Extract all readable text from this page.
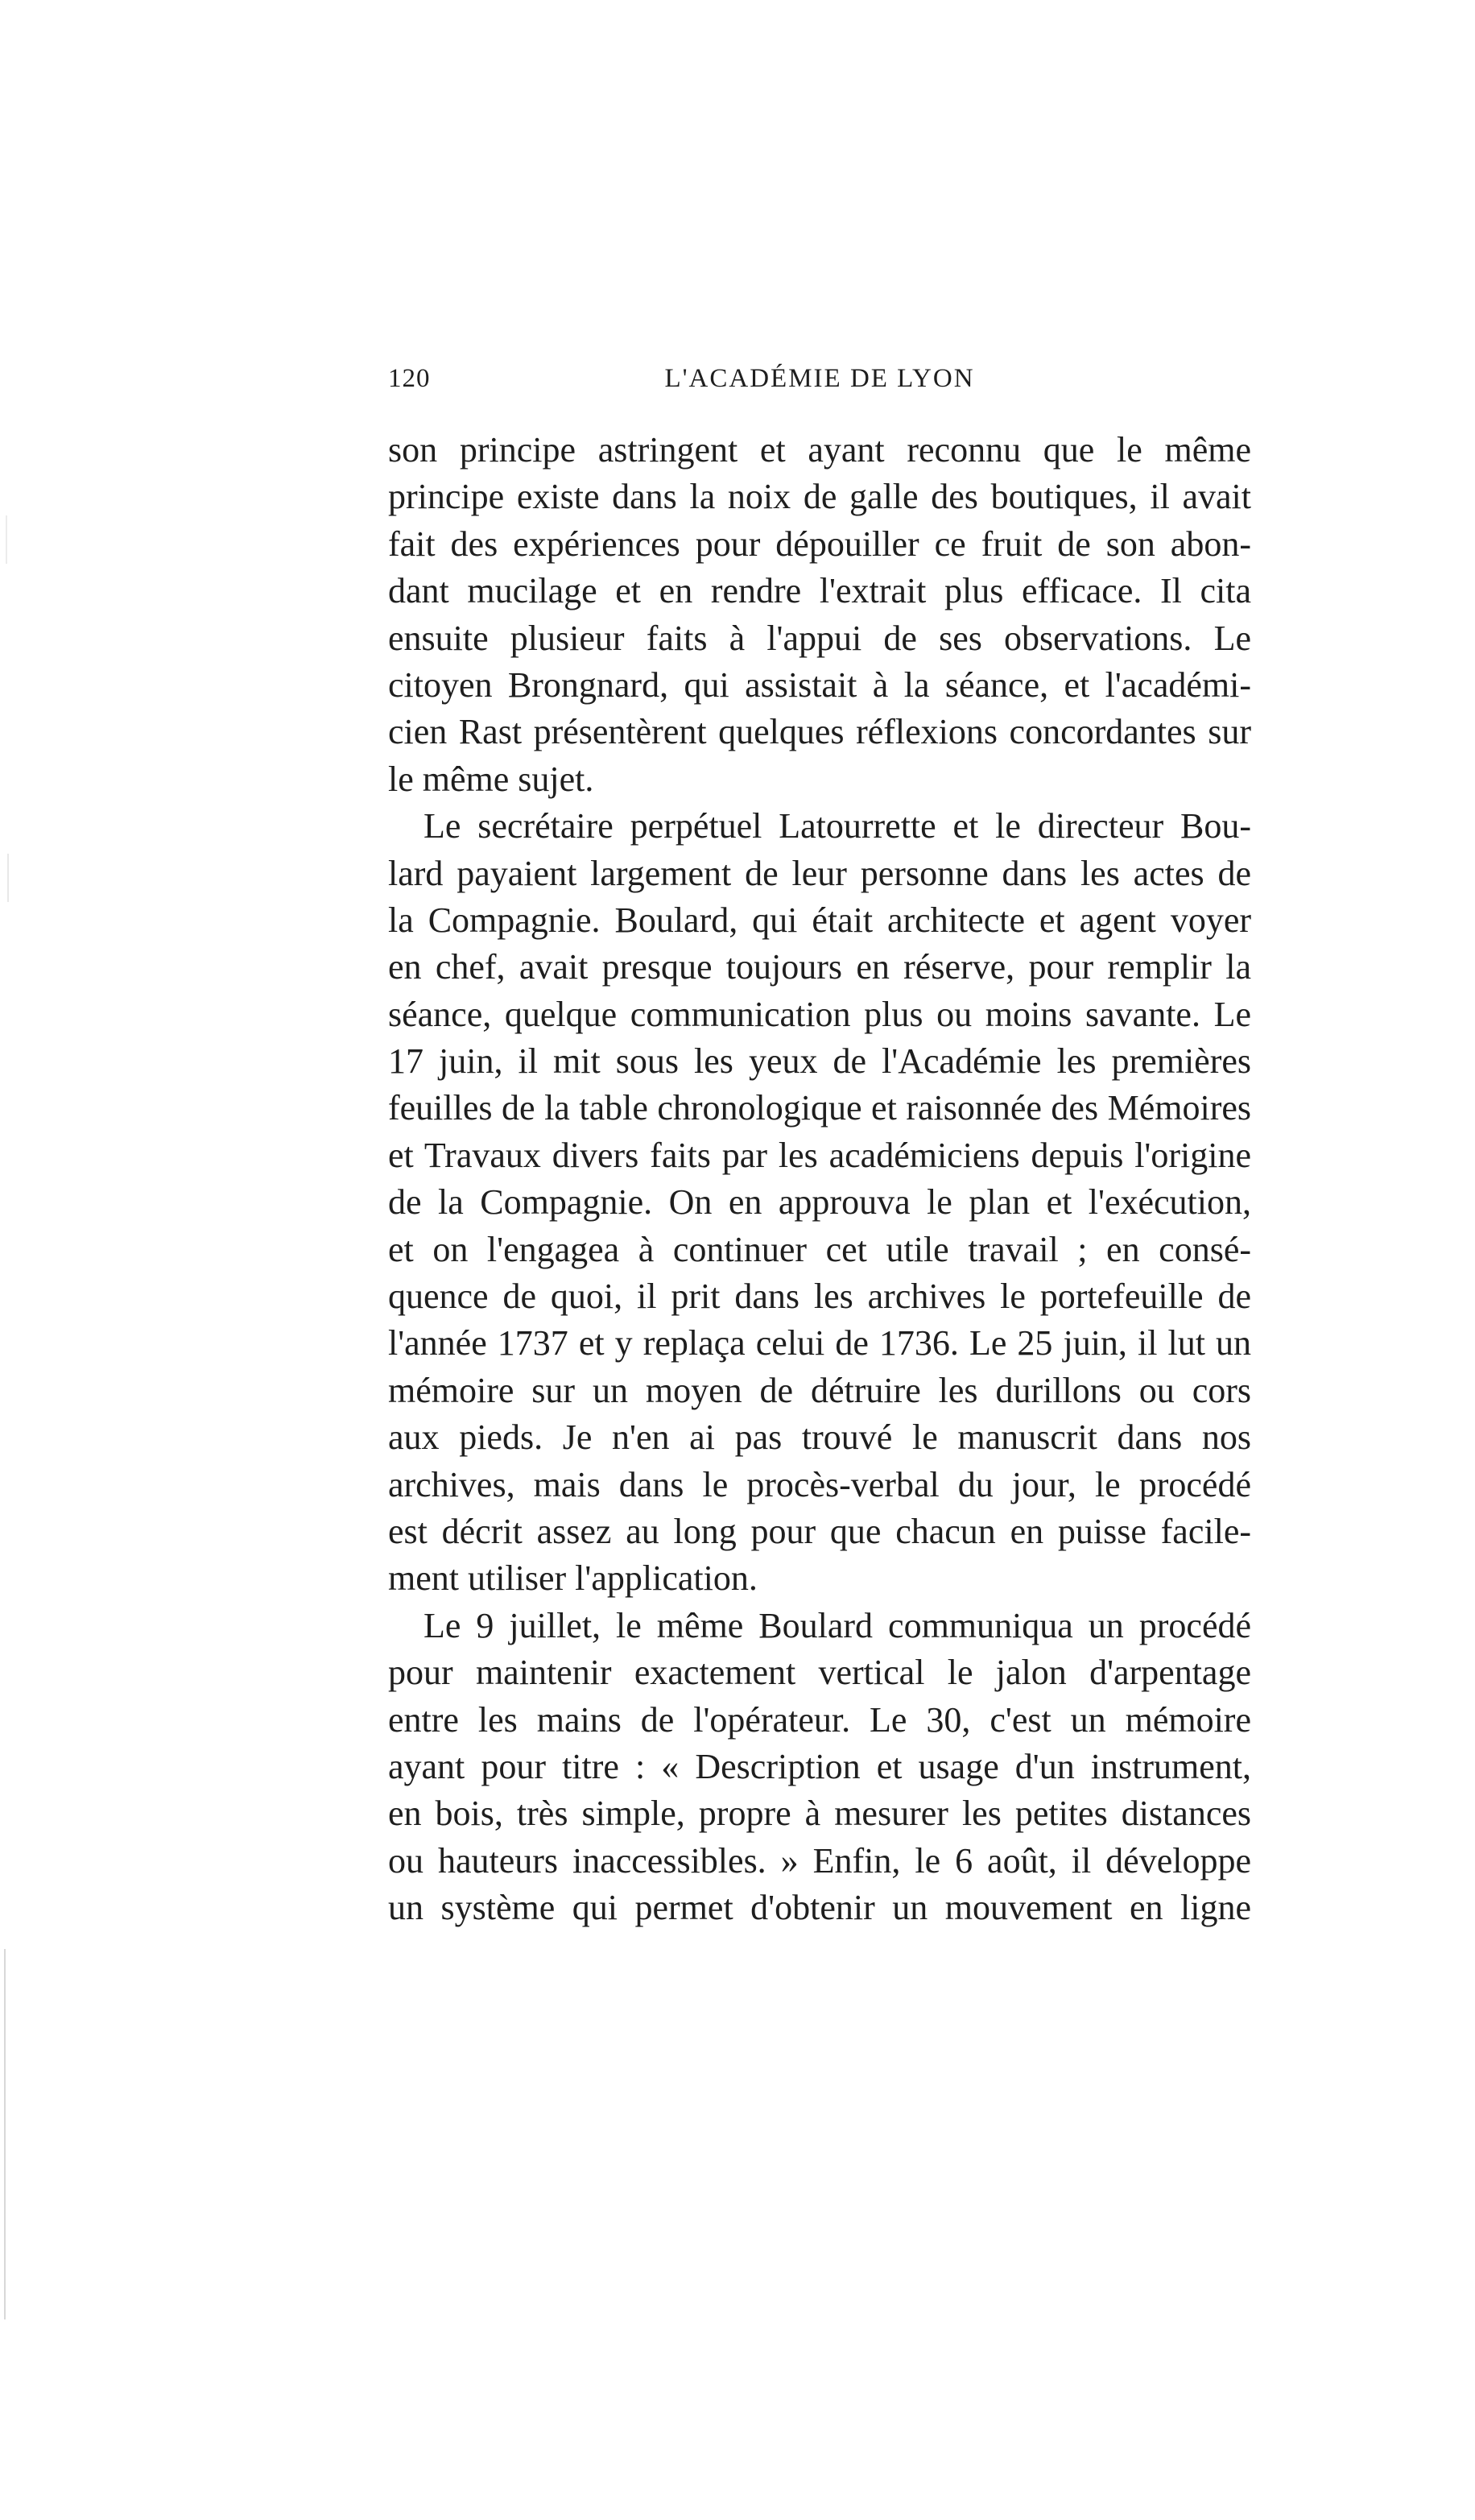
120	L'ACADÉMIE DE LYON
son principe astringent et ayant reconnu que le même
principe existe dans la noix de galle des boutiques, il avait
fait des expériences pour dépouiller ce fruit de son abon-
dant mucilage et en rendre l'extrait plus efficace. Il cita
ensuite plusieur faits à l'appui de ses observations. Le
citoyen Brongnard, qui assistait à la séance, et l'académi-
cien Rast présentèrent quelques réflexions concordantes sur
le même sujet.
Le secrétaire perpétuel Latourrette et le directeur Bou-
lard payaient largement de leur personne dans les actes de
la Compagnie. Boulard, qui était architecte et agent voyer
en chef, avait presque toujours en réserve, pour remplir la
séance, quelque communication plus ou moins savante. Le
17 juin, il mit sous les yeux de l'Académie les premières
feuilles de la table chronologique et raisonnée des Mémoires
et Travaux divers faits par les académiciens depuis l'origine
de la Compagnie. On en approuva le plan et l'exécution,
et on l'engagea à continuer cet utile travail ; en consé-
quence de quoi, il prit dans les archives le portefeuille de
l'année 1737 et y replaça celui de 1736. Le 25 juin, il lut un
mémoire sur un moyen de détruire les durillons ou cors
aux pieds. Je n'en ai pas trouvé le manuscrit dans nos
archives, mais dans le procès-verbal du jour, le procédé
est décrit assez au long pour que chacun en puisse facile-
ment utiliser l'application.
Le 9 juillet, le même Boulard communiqua un procédé
pour maintenir exactement vertical le jalon d'arpentage
entre les mains de l'opérateur. Le 30, c'est un mémoire
ayant pour titre : « Description et usage d'un instrument,
en bois, très simple, propre à mesurer les petites distances
ou hauteurs inaccessibles. » Enfin, le 6 août, il développe
un système qui permet d'obtenir un mouvement en ligne
